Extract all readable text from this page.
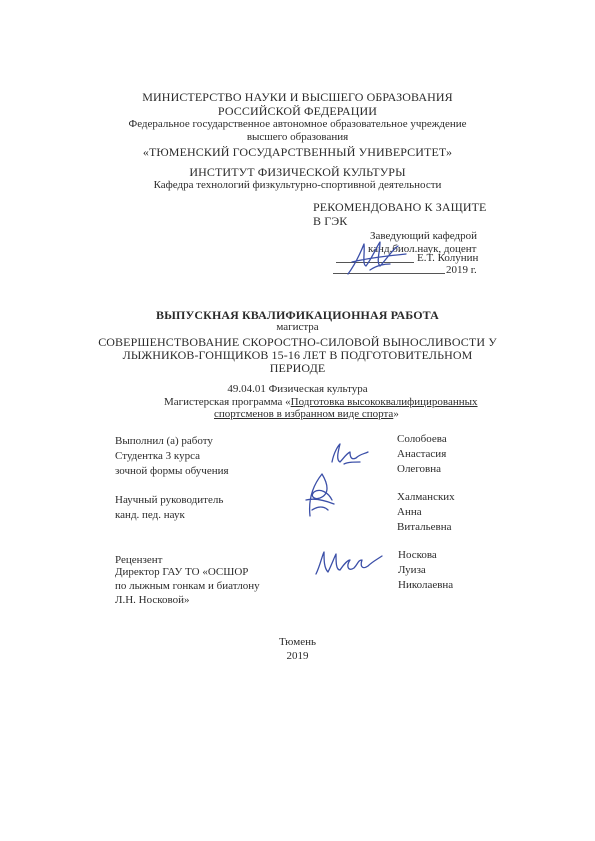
МИНИСТЕРСТВО НАУКИ И ВЫСШЕГО ОБРАЗОВАНИЯ
РОССИЙСКОЙ ФЕДЕРАЦИИ
Федеральное государственное автономное образовательное учреждение
высшего образования
«ТЮМЕНСКИЙ ГОСУДАРСТВЕННЫЙ УНИВЕРСИТЕТ»
ИНСТИТУТ ФИЗИЧЕСКОЙ КУЛЬТУРЫ
Кафедра технологий физкультурно-спортивной деятельности
РЕКОМЕНДОВАНО К ЗАЩИТЕ
В ГЭК
Заведующий кафедрой
канд.биол.наук, доцент
Е.Т. Колунин
2019 г.
ВЫПУСКНАЯ КВАЛИФИКАЦИОННАЯ РАБОТА
магистра
СОВЕРШЕНСТВОВАНИЕ СКОРОСТНО-СИЛОВОЙ ВЫНОСЛИВОСТИ У
ЛЫЖНИКОВ-ГОНЩИКОВ 15-16 ЛЕТ В ПОДГОТОВИТЕЛЬНОМ
ПЕРИОДЕ
49.04.01 Физическая культура
Магистерская программа «Подготовка высококвалифицированных
спортсменов в избранном виде спорта»
Выполнил (а) работу
Студентка 3 курса
зочной формы обучения
Солобоева
Анастасия
Олеговна
Научный руководитель
канд. пед. наук
Халманских
Анна
Витальевна
Рецензент
Директор ГАУ ТО «ОСШОР
по лыжным гонкам и биатлону
Л.Н. Носковой»
Носкова
Луиза
Николаевна
Тюмень
2019
